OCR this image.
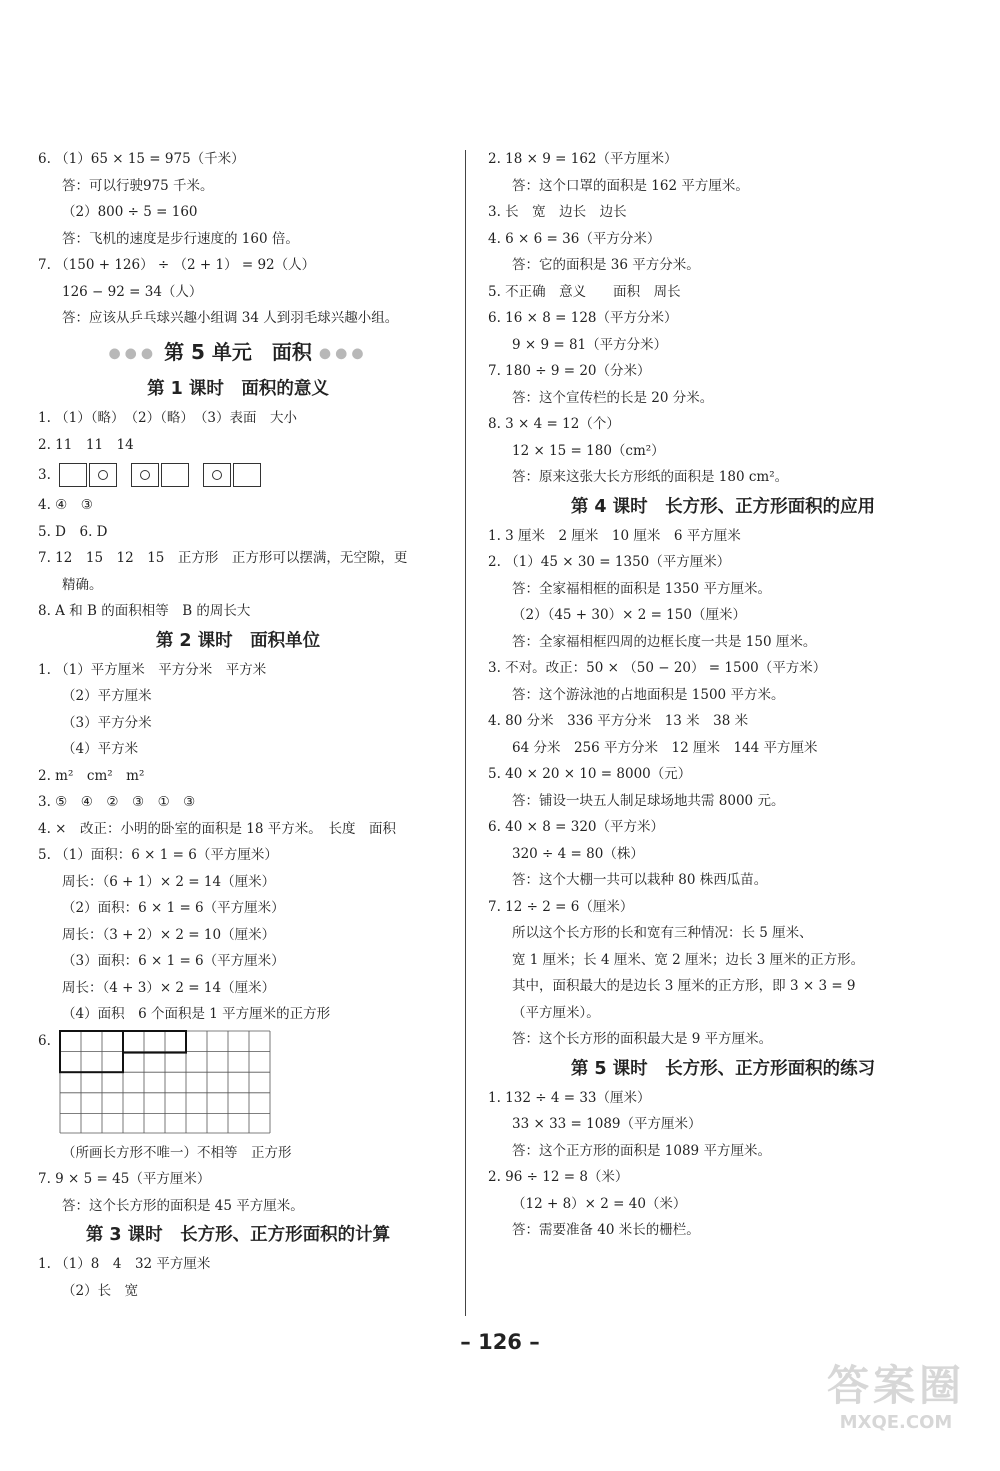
6. （1）65 × 15 = 975（千米）
答：可以行驶975 千米。
（2）800 ÷ 5 = 160
答：飞机的速度是步行速度的 160 倍。
7. （150 + 126） ÷ （2 + 1） = 92（人）
126 − 92 = 34（人）
答：应该从乒乓球兴趣小组调 34 人到羽毛球兴趣小组。
●●● 第 5 单元　面积 ●●●
第 1 课时　面积的意义
1. （1）（略）　（2）（略）　（3）表面　大小
2. 11　11　14
3.
4. ④　③
5. D　6. D
7. 12　15　12　15　正方形　正方形可以摆满，无空隙，更
精确。
8. A 和 B 的面积相等　B 的周长大
第 2 课时　面积单位
1. （1）平方厘米　平方分米　平方米
（2）平方厘米
（3）平方分米
（4）平方米
2. m²　cm²　m²
3. ⑤　④　②　③　①　③
4. ×　改正：小明的卧室的面积是 18 平方米。　长度　面积
5. （1）面积：6 × 1 = 6（平方厘米）
周长：（6 + 1）× 2 = 14（厘米）
（2）面积：6 × 1 = 6（平方厘米）
周长：（3 + 2）× 2 = 10（厘米）
（3）面积：6 × 1 = 6（平方厘米）
周长：（4 + 3）× 2 = 14（厘米）
（4）面积　6 个面积是 1 平方厘米的正方形
6.
（所画长方形不唯一）不相等　正方形
7. 9 × 5 = 45（平方厘米）
答：这个长方形的面积是 45 平方厘米。
第 3 课时　长方形、正方形面积的计算
1. （1）8　4　32 平方厘米
（2）长　宽
2. 18 × 9 = 162（平方厘米）
答：这个口罩的面积是 162 平方厘米。
3. 长　宽　边长　边长
4. 6 × 6 = 36（平方分米）
答：它的面积是 36 平方分米。
5. 不正确　意义　　面积　周长
6. 16 × 8 = 128（平方分米）
9 × 9 = 81（平方分米）
7. 180 ÷ 9 = 20（分米）
答：这个宣传栏的长是 20 分米。
8. 3 × 4 = 12（个）
12 × 15 = 180（cm²）
答：原来这张大长方形纸的面积是 180 cm²。
第 4 课时　长方形、正方形面积的应用
1. 3 厘米　2 厘米　10 厘米　6 平方厘米
2. （1）45 × 30 = 1350（平方厘米）
答：全家福相框的面积是 1350 平方厘米。
（2）（45 + 30）× 2 = 150（厘米）
答：全家福相框四周的边框长度一共是 150 厘米。
3. 不对。改正：50 × （50 − 20） = 1500（平方米）
答：这个游泳池的占地面积是 1500 平方米。
4. 80 分米　336 平方分米　13 米　38 米
64 分米　256 平方分米　12 厘米　144 平方厘米
5. 40 × 20 × 10 = 8000（元）
答：铺设一块五人制足球场地共需 8000 元。
6. 40 × 8 = 320（平方米）
320 ÷ 4 = 80（株）
答：这个大棚一共可以栽种 80 株西瓜苗。
7. 12 ÷ 2 = 6（厘米）
所以这个长方形的长和宽有三种情况：长 5 厘米、
宽 1 厘米；长 4 厘米、宽 2 厘米；边长 3 厘米的正方形。
其中，面积最大的是边长 3 厘米的正方形，即 3 × 3 = 9
（平方厘米）。
答：这个长方形的面积最大是 9 平方厘米。
第 5 课时　长方形、正方形面积的练习
1. 132 ÷ 4 = 33（厘米）
33 × 33 = 1089（平方厘米）
答：这个正方形的面积是 1089 平方厘米。
2. 96 ÷ 12 = 8（米）
（12 + 8）× 2 = 40（米）
答：需要准备 40 米长的栅栏。
– 126 –
答案圈
MXQE.COM
